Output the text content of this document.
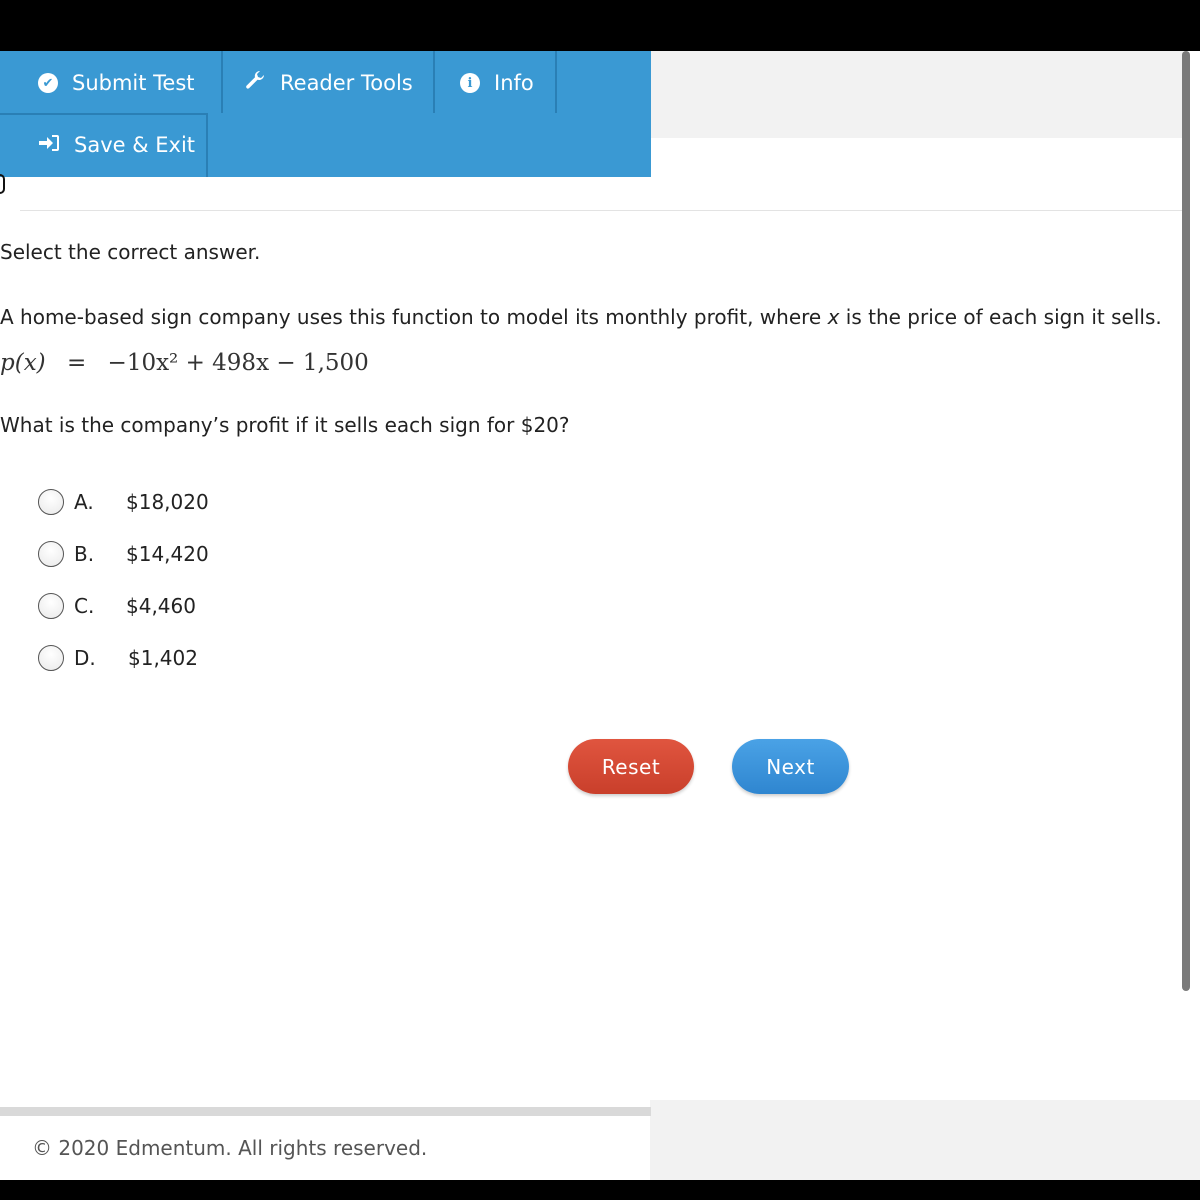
✔ Submit Test	Reader Tools	i	Info
Save & Exit
Select the correct answer.
A home-based sign company uses this function to model its monthly profit, where x is the price of each sign it sells.
p(x) = −10x² + 498x − 1,500
What is the company’s profit if it sells each sign for $20?
A. $18,020
B. $14,420
C. $4,460
D. $1,402
Reset	Next
© 2020 Edmentum. All rights reserved.
